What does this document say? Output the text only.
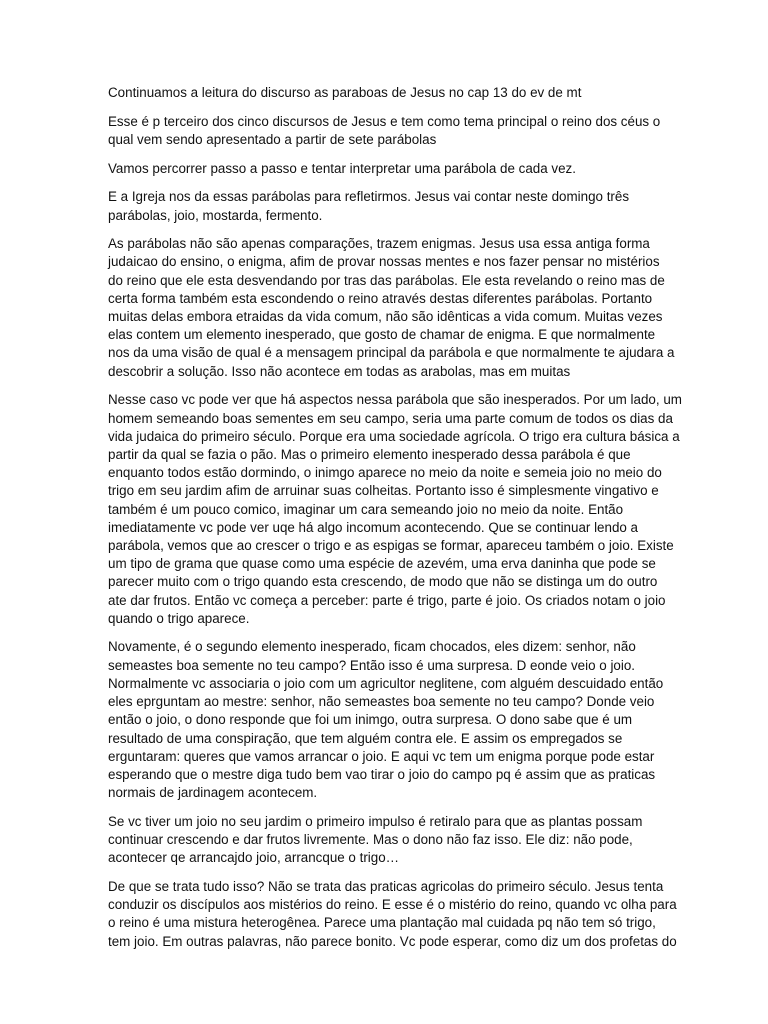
Continuamos a leitura do discurso as paraboas de Jesus no cap 13 do ev de mt

Esse é p terceiro dos cinco discursos de Jesus e tem como tema principal o reino dos céus o
qual vem sendo apresentado a partir de sete parábolas

Vamos percorrer passo a passo e tentar interpretar uma parábola de cada vez.

E a Igreja nos da essas parábolas para refletirmos. Jesus vai contar neste domingo três
parábolas, joio, mostarda, fermento.

As parábolas não são apenas comparações, trazem enigmas. Jesus usa essa antiga forma
judaicao do ensino, o enigma, afim de provar nossas mentes e nos fazer pensar no mistérios
do reino que ele esta desvendando por tras das parábolas. Ele esta revelando o reino mas de
certa forma também esta escondendo o reino através destas diferentes parábolas. Portanto
muitas delas embora etraidas da vida comum, não são idênticas a vida comum. Muitas vezes
elas contem um elemento inesperado, que gosto de chamar de enigma. E que normalmente
nos da uma visão de qual é a mensagem principal da parábola e que normalmente te ajudara a
descobrir a solução. Isso não acontece em todas as arabolas, mas em muitas

Nesse caso vc pode ver que há aspectos nessa parábola que são inesperados. Por um lado, um
homem semeando boas sementes em seu campo, seria uma parte comum de todos os dias da
vida judaica do primeiro século. Porque era uma sociedade agrícola. O trigo era cultura básica a
partir da qual se fazia o pão. Mas o primeiro elemento inesperado dessa parábola é que
enquanto todos estão dormindo, o inimgo aparece no meio da noite e semeia joio no meio do
trigo em seu jardim afim de arruinar suas colheitas. Portanto isso é simplesmente vingativo e
também é um pouco comico, imaginar um cara semeando joio no meio da noite. Então
imediatamente vc pode ver uqe há algo incomum acontecendo. Que se continuar lendo a
parábola, vemos que ao crescer o trigo e as espigas se formar, apareceu também o joio. Existe
um tipo de grama que quase como uma espécie de azevém, uma erva daninha que pode se
parecer muito com o trigo quando esta crescendo, de modo que não se distinga um do outro
ate dar frutos. Então vc começa a perceber: parte é trigo, parte é joio. Os criados notam o joio
quando o trigo aparece.

Novamente, é o segundo elemento inesperado, ficam chocados, eles dizem: senhor, não
semeastes boa semente no teu campo? Então isso é uma surpresa. D eonde veio o joio.
Normalmente vc associaria o joio com um agricultor neglitene, com alguém descuidado então
eles eprguntam ao mestre: senhor, não semeastes boa semente no teu campo? Donde veio
então o joio, o dono responde que foi um inimgo, outra surpresa. O dono sabe que é um
resultado de uma conspiração, que tem alguém contra ele. E assim os empregados se
erguntaram: queres que vamos arrancar o joio. E aqui vc tem um enigma porque pode estar
esperando que o mestre diga tudo bem vao tirar o joio do campo pq é assim que as praticas
normais de jardinagem acontecem.

Se vc tiver um joio no seu jardim o primeiro impulso é retiralo para que as plantas possam
continuar crescendo e dar frutos livremente. Mas o dono não faz isso. Ele diz: não pode,
acontecer qe arrancajdo joio, arrancque o trigo…

De que se trata tudo isso? Não se trata das praticas agricolas do primeiro século. Jesus tenta
conduzir os discípulos aos mistérios do reino. E esse é o mistério do reino, quando vc olha para
o reino é uma mistura heterogênea. Parece uma plantação mal cuidada pq não tem só trigo,
tem joio. Em outras palavras, não parece bonito. Vc pode esperar, como diz um dos profetas do
